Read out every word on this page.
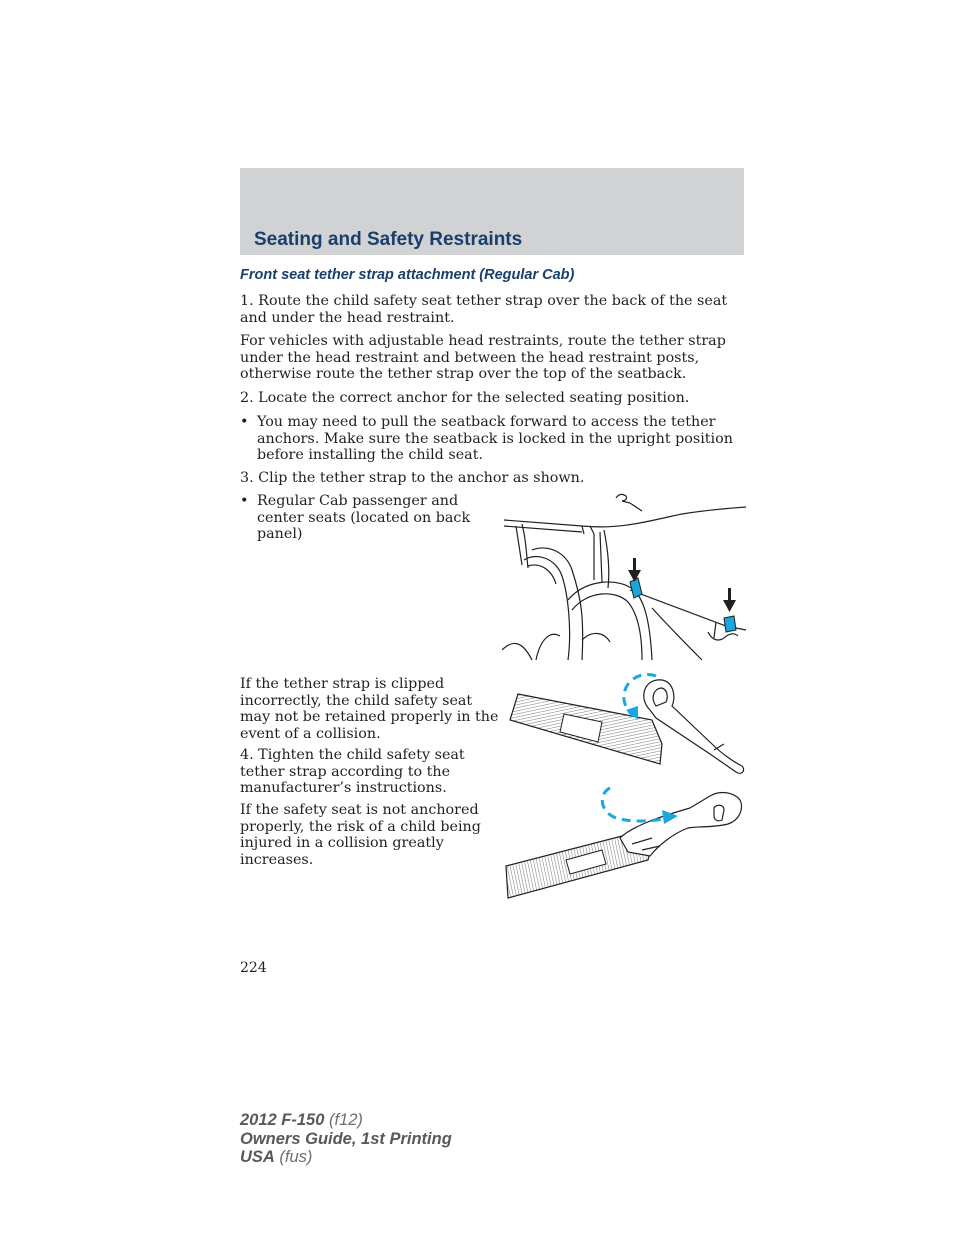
Seating and Safety Restraints
Front seat tether strap attachment (Regular Cab)

1. Route the child safety seat tether strap over the back of the seat and under the head restraint.

For vehicles with adjustable head restraints, route the tether strap under the head restraint and between the head restraint posts, otherwise route the tether strap over the top of the seatback.

2. Locate the correct anchor for the selected seating position.

• You may need to pull the seatback forward to access the tether anchors. Make sure the seatback is locked in the upright position before installing the child seat.

3. Clip the tether strap to the anchor as shown.

• Regular Cab passenger and center seats (located on back panel)

If the tether strap is clipped incorrectly, the child safety seat may not be retained properly in the event of a collision.

4. Tighten the child safety seat tether strap according to the manufacturer’s instructions.

If the safety seat is not anchored properly, the risk of a child being injured in a collision greatly increases.

224

2012 F-150 (f12)
Owners Guide, 1st Printing
USA (fus)
